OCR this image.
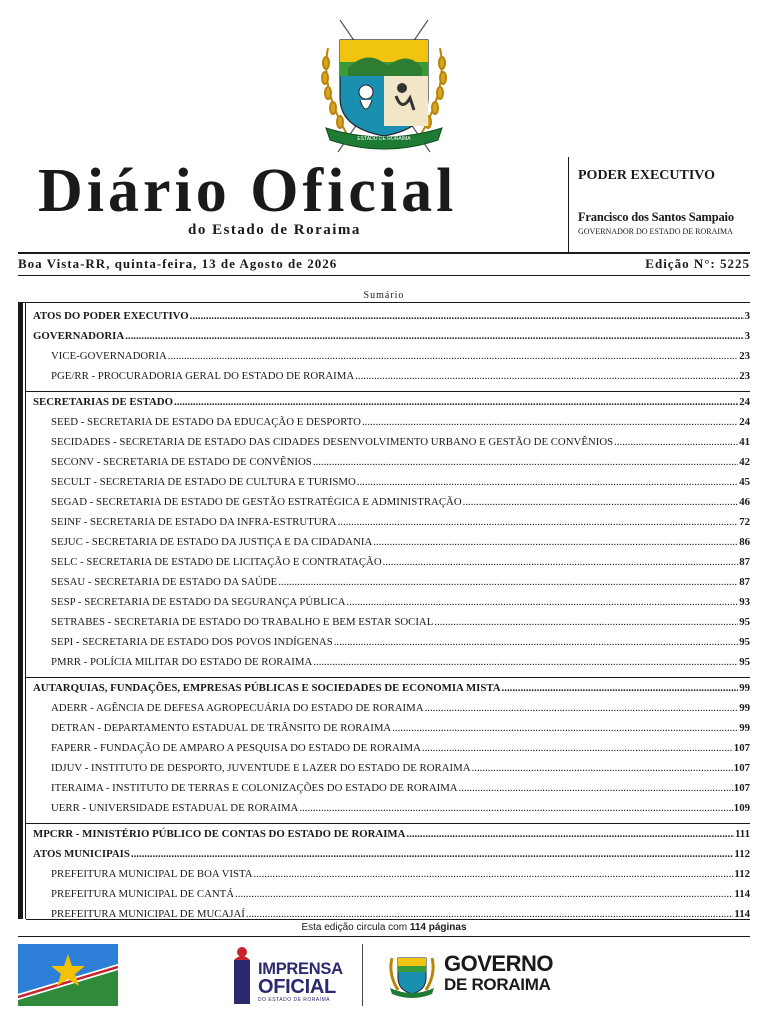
ESTADO DE RORAIMA
Diário Oficial
do Estado de Roraima
PODER EXECUTIVO
Francisco dos Santos Sampaio
GOVERNADOR DO ESTADO DE RORAIMA
Boa Vista-RR, quinta-feira, 13 de Agosto de 2026	Edição N°: 5225
Sumário
ATOS DO PODER EXECUTIVO .....	3
GOVERNADORIA .....	3
VICE-GOVERNADORIA .....	23
PGE/RR - PROCURADORIA GERAL DO ESTADO DE RORAIMA .....	23
SECRETARIAS DE ESTADO .....	24
SEED - SECRETARIA DE ESTADO DA EDUCAÇÃO E DESPORTO .....	24
SECIDADES - SECRETARIA DE ESTADO DAS CIDADES DESENVOLVIMENTO URBANO E GESTÃO DE CONVÊNIOS .....	41
SECONV - SECRETARIA DE ESTADO DE CONVÊNIOS .....	42
SECULT - SECRETARIA DE ESTADO DE CULTURA E TURISMO .....	45
SEGAD - SECRETARIA DE ESTADO DE GESTÃO ESTRATÉGICA E ADMINISTRAÇÃO .....	46
SEINF - SECRETARIA DE ESTADO DA INFRA-ESTRUTURA .....	72
SEJUC - SECRETARIA DE ESTADO DA JUSTIÇA E DA CIDADANIA .....	86
SELC - SECRETARIA DE ESTADO DE LICITAÇÃO E CONTRATAÇÃO .....	87
SESAU - SECRETARIA DE ESTADO DA SAÚDE .....	87
SESP - SECRETARIA DE ESTADO DA SEGURANÇA PÚBLICA .....	93
SETRABES - SECRETARIA DE ESTADO DO TRABALHO E BEM ESTAR SOCIAL .....	95
SEPI - SECRETARIA DE ESTADO DOS POVOS INDÍGENAS .....	95
PMRR - POLÍCIA MILITAR DO ESTADO DE RORAIMA .....	95
AUTARQUIAS, FUNDAÇÕES, EMPRESAS PÚBLICAS E SOCIEDADES DE ECONOMIA MISTA .....	99
ADERR - AGÊNCIA DE DEFESA AGROPECUÁRIA DO ESTADO DE RORAIMA .....	99
DETRAN - DEPARTAMENTO ESTADUAL DE TRÂNSITO DE RORAIMA .....	99
FAPERR - FUNDAÇÃO DE AMPARO A PESQUISA DO ESTADO DE RORAIMA .....	107
IDJUV - INSTITUTO DE DESPORTO, JUVENTUDE E LAZER DO ESTADO DE RORAIMA .....	107
ITERAIMA - INSTITUTO DE TERRAS E COLONIZAÇÕES DO ESTADO DE RORAIMA .....	107
UERR - UNIVERSIDADE ESTADUAL DE RORAIMA .....	109
MPCRR - MINISTÉRIO PÚBLICO DE CONTAS DO ESTADO DE RORAIMA .....	111
ATOS MUNICIPAIS .....	112
PREFEITURA MUNICIPAL DE BOA VISTA .....	112
PREFEITURA MUNICIPAL DE CANTÁ .....	114
PREFEITURA MUNICIPAL DE MUCAJAÍ .....	114
Esta edição circula com 114 páginas
IMPRENSA
OFICIAL
DO ESTADO DE RORAIMA
GOVERNO
DE RORAIMA
